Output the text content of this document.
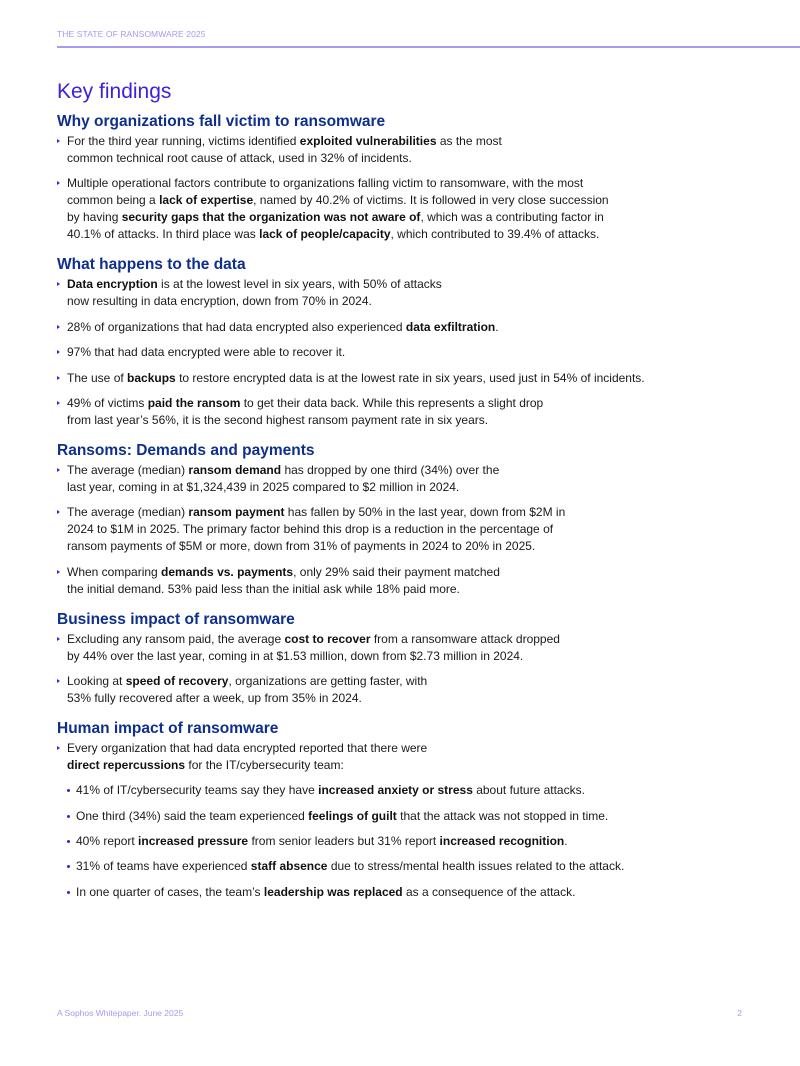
THE STATE OF RANSOMWARE 2025
Key findings
Why organizations fall victim to ransomware
For the third year running, victims identified exploited vulnerabilities as the most
common technical root cause of attack, used in 32% of incidents.
Multiple operational factors contribute to organizations falling victim to ransomware, with the most
common being a lack of expertise, named by 40.2% of victims. It is followed in very close succession
by having security gaps that the organization was not aware of, which was a contributing factor in
40.1% of attacks. In third place was lack of people/capacity, which contributed to 39.4% of attacks.
What happens to the data
Data encryption is at the lowest level in six years, with 50% of attacks
now resulting in data encryption, down from 70% in 2024.
28% of organizations that had data encrypted also experienced data exfiltration.
97% that had data encrypted were able to recover it.
The use of backups to restore encrypted data is at the lowest rate in six years, used just in 54% of incidents.
49% of victims paid the ransom to get their data back. While this represents a slight drop
from last year’s 56%, it is the second highest ransom payment rate in six years.
Ransoms: Demands and payments
The average (median) ransom demand has dropped by one third (34%) over the
last year, coming in at $1,324,439 in 2025 compared to $2 million in 2024.
The average (median) ransom payment has fallen by 50% in the last year, down from $2M in
2024 to $1M in 2025. The primary factor behind this drop is a reduction in the percentage of
ransom payments of $5M or more, down from 31% of payments in 2024 to 20% in 2025.
When comparing demands vs. payments, only 29% said their payment matched
the initial demand. 53% paid less than the initial ask while 18% paid more.
Business impact of ransomware
Excluding any ransom paid, the average cost to recover from a ransomware attack dropped
by 44% over the last year, coming in at $1.53 million, down from $2.73 million in 2024.
Looking at speed of recovery, organizations are getting faster, with
53% fully recovered after a week, up from 35% in 2024.
Human impact of ransomware
Every organization that had data encrypted reported that there were
direct repercussions for the IT/cybersecurity team:
41% of IT/cybersecurity teams say they have increased anxiety or stress about future attacks.
One third (34%) said the team experienced feelings of guilt that the attack was not stopped in time.
40% report increased pressure from senior leaders but 31% report increased recognition.
31% of teams have experienced staff absence due to stress/mental health issues related to the attack.
In one quarter of cases, the team’s leadership was replaced as a consequence of the attack.
A Sophos Whitepaper. June 2025	2
